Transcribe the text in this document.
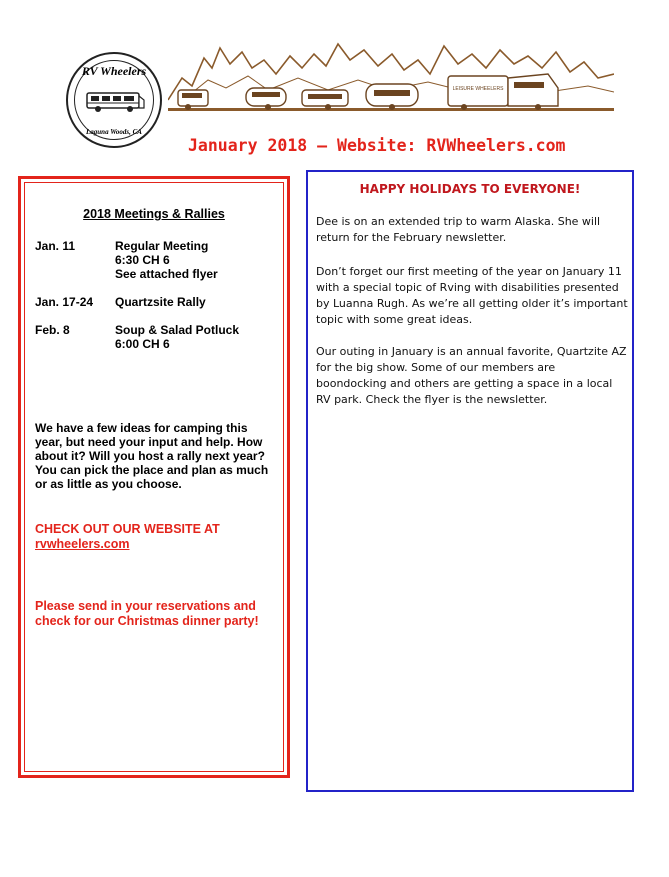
RV Wheelers
Laguna Woods, CA
LEISURE WHEELERS
January 2018 – Website: RVWheelers.com
2018 Meetings & Rallies
Jan. 11	Regular Meeting
6:30 CH 6
See attached flyer
Jan. 17-24	Quartzsite Rally
Feb. 8	Soup & Salad Potluck
6:00 CH 6

We have a few ideas for camping this year, but need your input and help. How about it? Will you host a rally next year? You can pick the place and plan as much or as little as you choose.

CHECK OUT OUR WEBSITE AT
rvwheelers.com

Please send in your reservations and check for our Christmas dinner party!

HAPPY HOLIDAYS TO EVERYONE!

Dee is on an extended trip to warm Alaska. She will return for the February newsletter.

Don’t forget our first meeting of the year on January 11 with a special topic of Rving with disabilities presented by Luanna Rugh. As we’re all getting older it’s important topic with some great ideas.

Our outing in January is an annual favorite, Quartzite AZ for the big show. Some of our members are boondocking and others are getting a space in a local RV park. Check the flyer is the newsletter.
